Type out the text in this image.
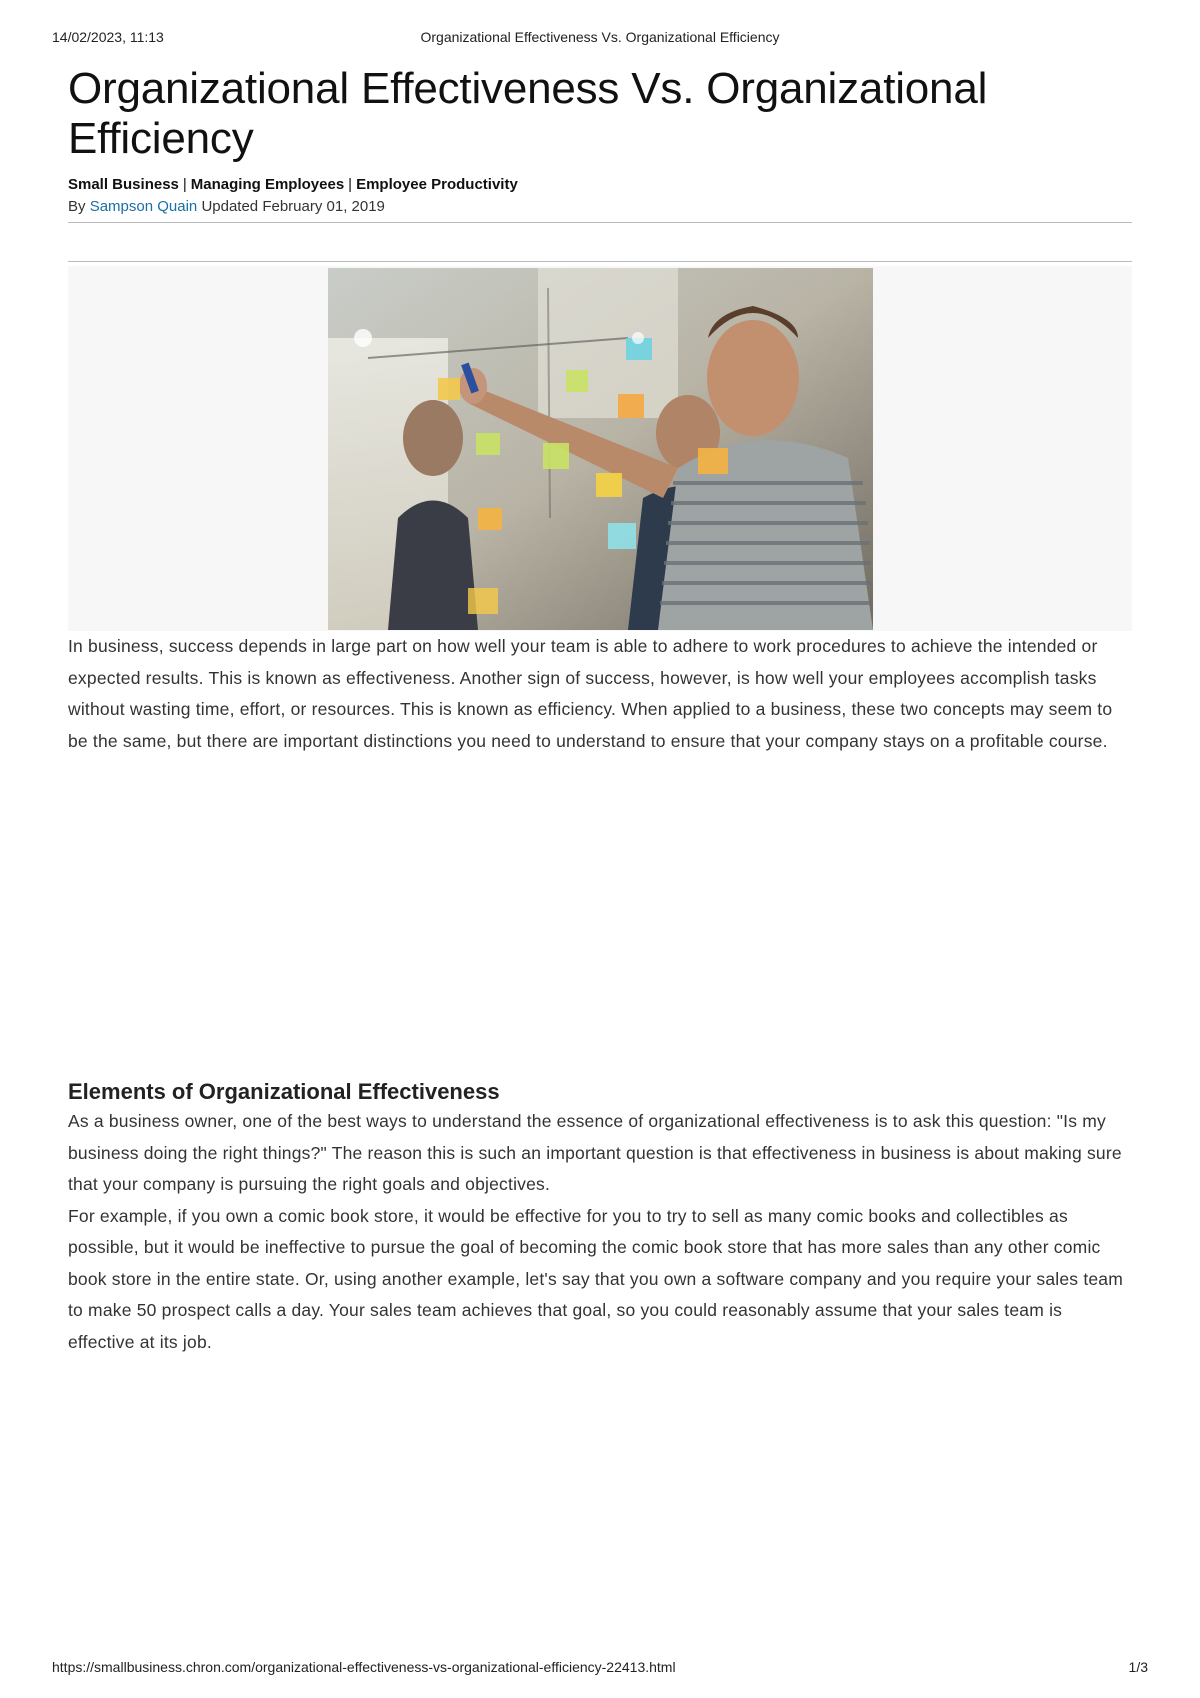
14/02/2023, 11:13	Organizational Effectiveness Vs. Organizational Efficiency
Organizational Effectiveness Vs. Organizational Efficiency
Small Business | Managing Employees | Employee Productivity
By Sampson Quain Updated February 01, 2019

In business, success depends in large part on how well your team is able to adhere to work procedures to achieve the intended or expected results. This is known as effectiveness. Another sign of success, however, is how well your employees accomplish tasks without wasting time, effort, or resources. This is known as efficiency. When applied to a business, these two concepts may seem to be the same, but there are important distinctions you need to understand to ensure that your company stays on a profitable course.

Elements of Organizational Effectiveness

As a business owner, one of the best ways to understand the essence of organizational effectiveness is to ask this question: "Is my business doing the right things?" The reason this is such an important question is that effectiveness in business is about making sure that your company is pursuing the right goals and objectives.

For example, if you own a comic book store, it would be effective for you to try to sell as many comic books and collectibles as possible, but it would be ineffective to pursue the goal of becoming the comic book store that has more sales than any other comic book store in the entire state. Or, using another example, let's say that you own a software company and you require your sales team to make 50 prospect calls a day. Your sales team achieves that goal, so you could reasonably assume that your sales team is effective at its job.

https://smallbusiness.chron.com/organizational-effectiveness-vs-organizational-efficiency-22413.html	1/3
